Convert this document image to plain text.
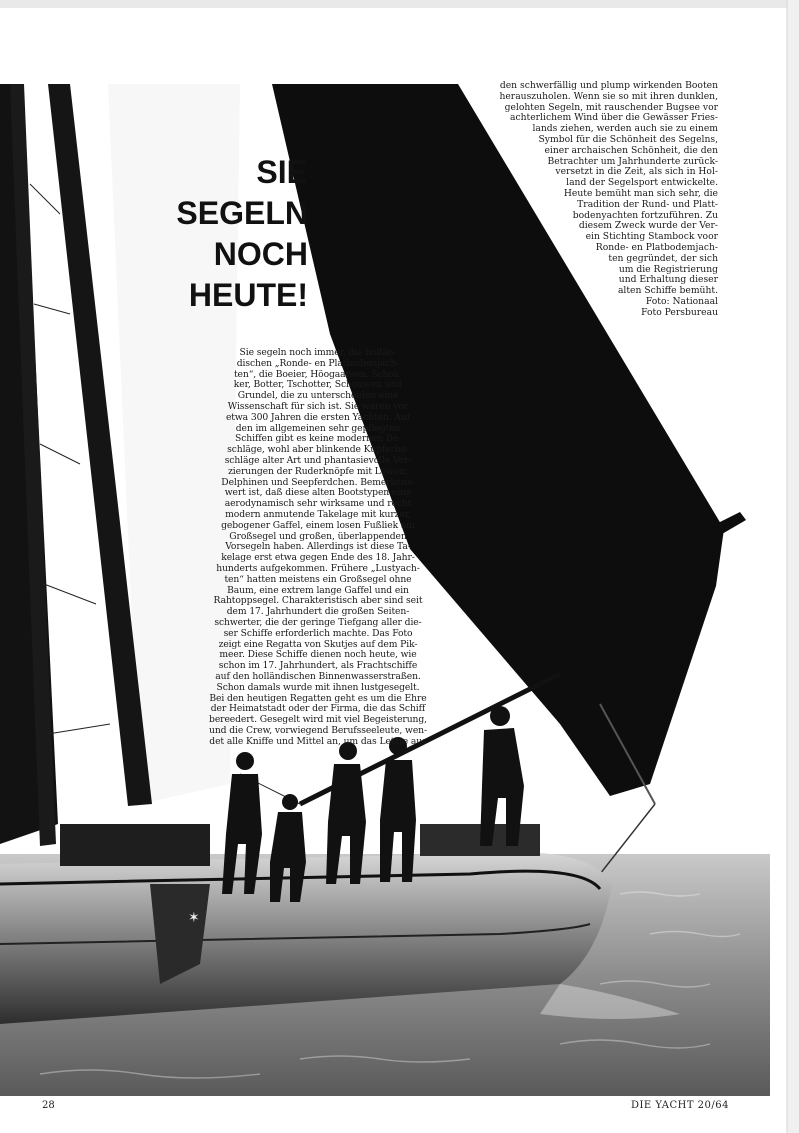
✶
SIE
SEGELN
NOCH
HEUTE!
Sie segeln noch immer, die hollän-
dischen „Ronde- en Platbodemjach-
ten“, die Boeier, Höogaarsen, Schok-
ker, Botter, Tschotter, Schouwen und
Grundel, die zu unterscheiden eine
Wissenschaft für sich ist. Sie waren vor
etwa 300 Jahren die ersten Yachten. Auf
den im allgemeinen sehr gepflegten
Schiffen gibt es keine modernen Be-
schläge, wohl aber blinkende Kupferbe-
schläge alter Art und phantasievolle Ver-
zierungen der Ruderknöpfe mit Löwen,
Delphinen und Seepferdchen. Bemerkens-
wert ist, daß diese alten Bootstypen eine
aerodynamisch sehr wirksame und recht
modern anmutende Takelage mit kurzer,
gebogener Gaffel, einem losen Fußliek am
Großsegel und großen, überlappenden
Vorsegeln haben. Allerdings ist diese Ta-
kelage erst etwa gegen Ende des 18. Jahr-
hunderts aufgekommen. Frühere „Lustyach-
ten“ hatten meistens ein Großsegel ohne
Baum, eine extrem lange Gaffel und ein
Rahtoppsegel. Charakteristisch aber sind seit
dem 17. Jahrhundert die großen Seiten-
schwerter, die der geringe Tiefgang aller die-
ser Schiffe erforderlich machte. Das Foto
zeigt eine Regatta von Skutjes auf dem Pik-
meer. Diese Schiffe dienen noch heute, wie
schon im 17. Jahrhundert, als Frachtschiffe
auf den holländischen Binnenwasserstraßen.
Schon damals wurde mit ihnen lustgesegelt.
Bei den heutigen Regatten geht es um die Ehre
der Heimatstadt oder der Firma, die das Schiff
bereedert. Gesegelt wird mit viel Begeisterung,
und die Crew, vorwiegend Berufsseeleute, wen-
det alle Kniffe und Mittel an, um das Letzte aus
den schwerfällig und plump wirkenden Booten
herauszuholen. Wenn sie so mit ihren dunklen,
gelohten Segeln, mit rauschender Bugsee vor
achterlichem Wind über die Gewässer Fries-
lands ziehen, werden auch sie zu einem
Symbol für die Schönheit des Segelns,
einer archaischen Schönheit, die den
Betrachter um Jahrhunderte zurück-
versetzt in die Zeit, als sich in Hol-
land der Segelsport entwickelte.
Heute bemüht man sich sehr, die
Tradition der Rund- und Platt-
bodenyachten fortzuführen. Zu
diesem Zweck wurde der Ver-
ein Stichting Stambock voor
Ronde- en Platbodemjach-
ten gegründet, der sich
um die Registrierung
und Erhaltung dieser
alten Schiffe bemüht.
Foto: Nationaal
Foto Persbureau
28	DIE YACHT 20/64
